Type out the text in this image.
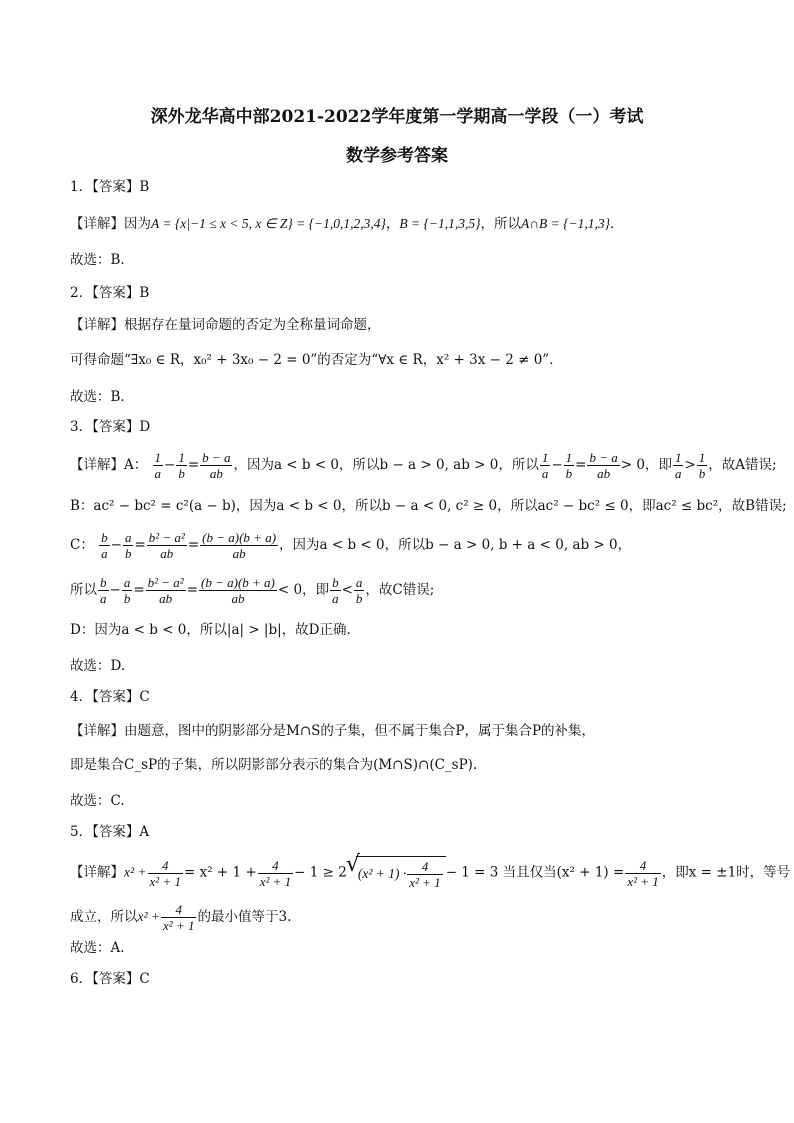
深外龙华高中部2021-2022学年度第一学期高一学段（一）考试
数学参考答案
1．【答案】B
【详解】因为A = {x|−1 ≤ x < 5, x ∈ Z} = {−1,0,1,2,3,4}，B = {−1,1,3,5}，所以A∩B = {−1,1,3}．
故选：B.
2．【答案】B
【详解】根据存在量词命题的否定为全称量词命题，
可得命题“∃x₀ ∈ R，x₀² + 3x₀ − 2 = 0”的否定为“∀x ∈ R，x² + 3x − 2 ≠ 0”．
故选：B.
3．【答案】D
【详解】A： $\frac{1}{a} - \frac{1}{b} = \frac{b - a}{ab}$ ，因为a < b < 0，所以b − a > 0, ab > 0，所以 $\frac{1}{a} - \frac{1}{b} = \frac{b - a}{ab} > 0$，即 $\frac{1}{a} > \frac{1}{b}$ ，故A错误;
B：ac² − bc² = c²(a − b)，因为a < b < 0，所以b − a < 0, c² ≥ 0，所以ac² − bc² ≤ 0，即ac² ≤ bc²，故B错误;
C： $\frac{b}{a} - \frac{a}{b} = \frac{\text{b² − a²}}{ab} = \frac{(b - a)(b + a)}{ab}$ ，因为a < b < 0，所以b − a > 0, b + a < 0, ab > 0，
所以 $\frac{b}{a} - \frac{a}{b} = \frac{\text{b² − a²}}{ab} = \frac{(b - a)(b + a)}{ab} < 0$，即 $\frac{b}{a} < \frac{a}{b}$ ，故C错误;
D：因为a < b < 0，所以|a| > |b|，故D正确.
故选：D.
4．【答案】C
【详解】由题意，图中的阴影部分是M∩S的子集，但不属于集合P，属于集合P的补集，
即是集合C_sP的子集，所以阴影部分表示的集合为(M∩S)∩(C_sP).
故选：C.
5．【答案】A
【详解】$x^2 + \frac{4}{\text{x² + 1}} = x^2 + 1 + \frac{4}{\text{x² + 1}} - 1 \ge 2√$ $(x^2 + 1) \cdot \frac{4}{\text{x² + 1}} - 1 = 3$ 当且仅当$(x^2 + 1) = \frac{4}{\text{x² + 1}}$ ，即x = ±1时，等号
成立，所以$x^2 + \frac{4}{\text{x² + 1}}$ 的最小值等于3.
故选：A.
6．【答案】C
